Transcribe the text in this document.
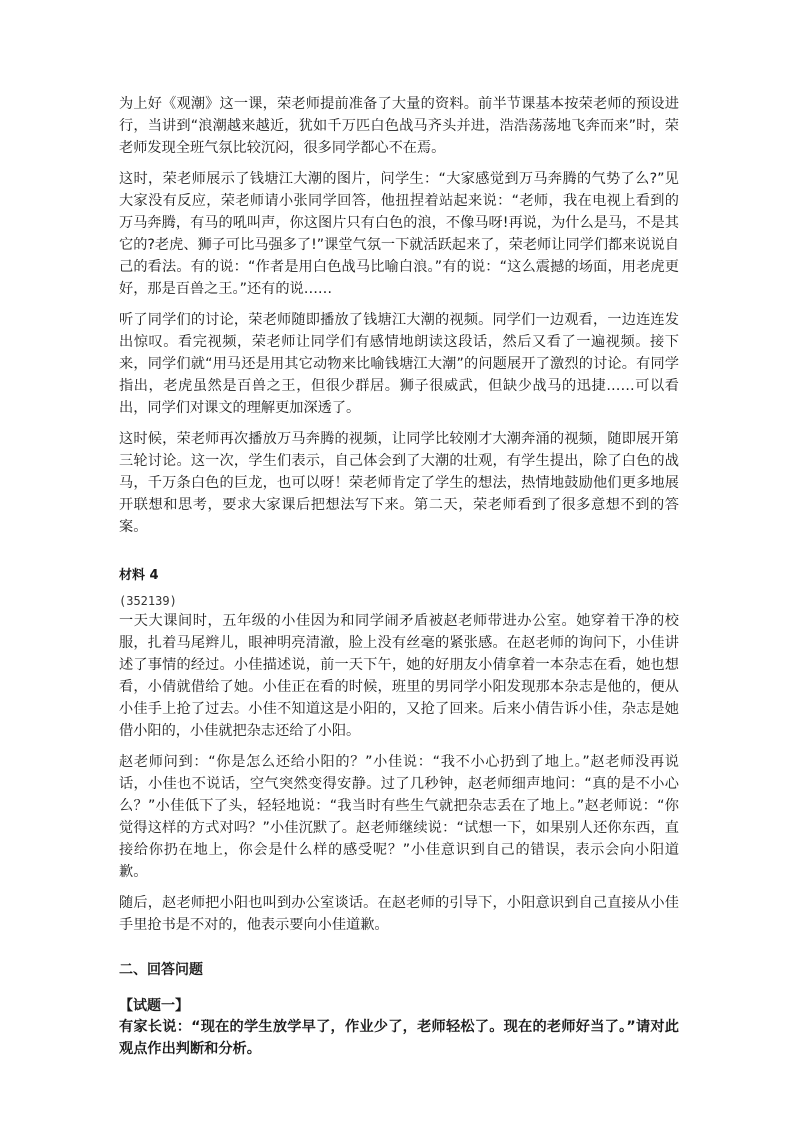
为上好《观潮》这一课，荣老师提前准备了大量的资料。前半节课基本按荣老师的预设进行，当讲到“浪潮越来越近，犹如千万匹白色战马齐头并进，浩浩荡荡地飞奔而来”时，荣老师发现全班气氛比较沉闷，很多同学都心不在焉。

这时，荣老师展示了钱塘江大潮的图片，问学生：“大家感觉到万马奔腾的气势了么?”见大家没有反应，荣老师请小张同学回答，他扭捏着站起来说：“老师，我在电视上看到的万马奔腾，有马的吼叫声，你这图片只有白色的浪，不像马呀!再说，为什么是马，不是其它的?老虎、狮子可比马强多了!”课堂气氛一下就活跃起来了，荣老师让同学们都来说说自己的看法。有的说：“作者是用白色战马比喻白浪。”有的说：“这么震撼的场面，用老虎更好，那是百兽之王。”还有的说……

听了同学们的讨论，荣老师随即播放了钱塘江大潮的视频。同学们一边观看，一边连连发出惊叹。看完视频，荣老师让同学们有感情地朗读这段话，然后又看了一遍视频。接下来，同学们就“用马还是用其它动物来比喻钱塘江大潮”的问题展开了激烈的讨论。有同学指出，老虎虽然是百兽之王，但很少群居。狮子很威武，但缺少战马的迅捷……可以看出，同学们对课文的理解更加深透了。

这时候，荣老师再次播放万马奔腾的视频，让同学比较刚才大潮奔涌的视频，随即展开第三轮讨论。这一次，学生们表示，自己体会到了大潮的壮观，有学生提出，除了白色的战马，千万条白色的巨龙，也可以呀！荣老师肯定了学生的想法，热情地鼓励他们更多地展开联想和思考，要求大家课后把想法写下来。第二天，荣老师看到了很多意想不到的答案。

材料 4
(352139)

一天大课间时，五年级的小佳因为和同学闹矛盾被赵老师带进办公室。她穿着干净的校服，扎着马尾辫儿，眼神明亮清澈，脸上没有丝毫的紧张感。在赵老师的询问下，小佳讲述了事情的经过。小佳描述说，前一天下午，她的好朋友小倩拿着一本杂志在看，她也想看，小倩就借给了她。小佳正在看的时候，班里的男同学小阳发现那本杂志是他的，便从小佳手上抢了过去。小佳不知道这是小阳的，又抢了回来。后来小倩告诉小佳，杂志是她借小阳的，小佳就把杂志还给了小阳。

赵老师问到：“你是怎么还给小阳的？”小佳说：“我不小心扔到了地上。”赵老师没再说话，小佳也不说话，空气突然变得安静。过了几秒钟，赵老师细声地问：“真的是不小心么？”小佳低下了头，轻轻地说：“我当时有些生气就把杂志丢在了地上。”赵老师说：“你觉得这样的方式对吗？”小佳沉默了。赵老师继续说：“试想一下，如果别人还你东西，直接给你扔在地上，你会是什么样的感受呢？”小佳意识到自己的错误，表示会向小阳道歉。

随后，赵老师把小阳也叫到办公室谈话。在赵老师的引导下，小阳意识到自己直接从小佳手里抢书是不对的，他表示要向小佳道歉。

二、回答问题
【试题一】
有家长说：“现在的学生放学早了，作业少了，老师轻松了。现在的老师好当了。”请对此观点作出判断和分析。
